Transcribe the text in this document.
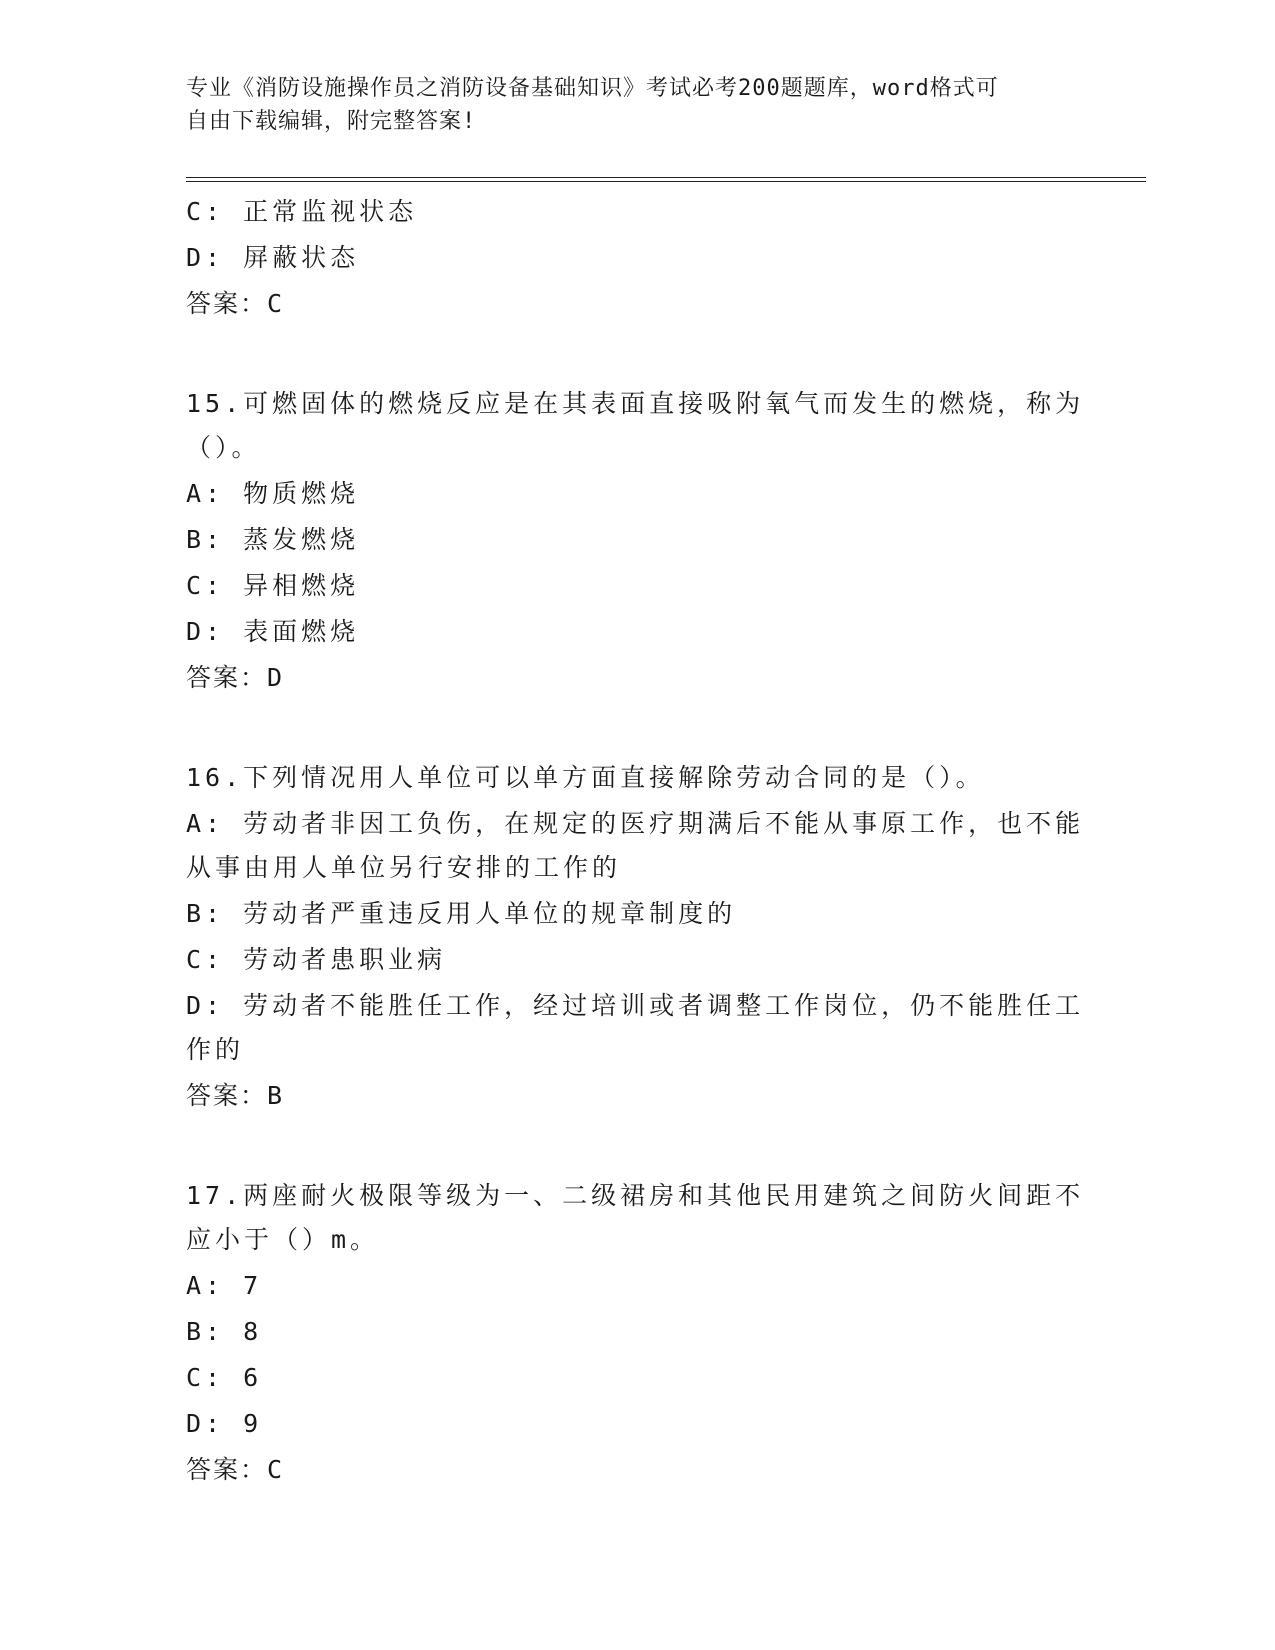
专业《消防设施操作员之消防设备基础知识》考试必考200题题库，word格式可
自由下载编辑，附完整答案!
C: 正常监视状态
D: 屏蔽状态
答案：C
15.可燃固体的燃烧反应是在其表面直接吸附氧气而发生的燃烧，称为
（）。
A: 物质燃烧
B: 蒸发燃烧
C: 异相燃烧
D: 表面燃烧
答案：D
16.下列情况用人单位可以单方面直接解除劳动合同的是（）。
A: 劳动者非因工负伤，在规定的医疗期满后不能从事原工作，也不能
从事由用人单位另行安排的工作的
B: 劳动者严重违反用人单位的规章制度的
C: 劳动者患职业病
D: 劳动者不能胜任工作，经过培训或者调整工作岗位，仍不能胜任工
作的
答案：B
17.两座耐火极限等级为一、二级裙房和其他民用建筑之间防火间距不
应小于（）m。
A: 7
B: 8
C: 6
D: 9
答案：C
